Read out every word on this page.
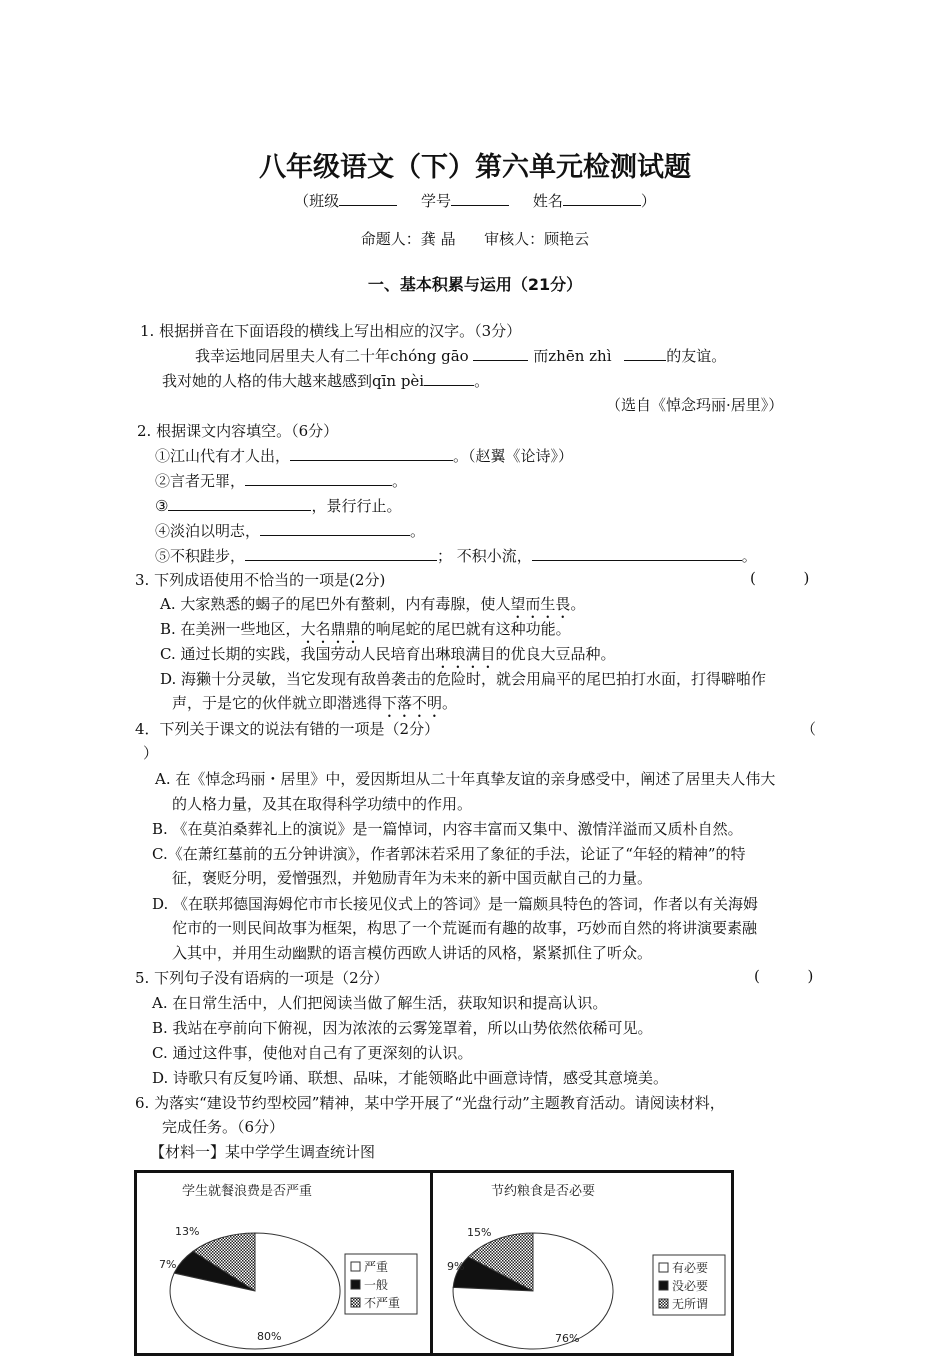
八年级语文（下）第六单元检测试题
（班级	学号	姓名	）
命题人：龚 晶      审核人：顾艳云
一、基本积累与运用（21分）
1. 根据拼音在下面语段的横线上写出相应的汉字。（3分）
我幸运地同居里夫人有二十年chóng gāo	而zhēn zhì	的友谊。
我对她的人格的伟大越来越感到qīn pèi	。
（选自《悼念玛丽·居里》）
2. 根据课文内容填空。（6分）
①江山代有才人出，	。（赵翼《论诗》）
②言者无罪，	。
③	，景行行止。
④淡泊以明志，	。
⑤不积跬步，	； 不积小流，	。
3. 下列成语使用不恰当的一项是(2分)	(          )
A. 大家熟悉的蝎子的尾巴外有螯刺，内有毒腺，使人望而生畏。
B. 在美洲一些地区，大名鼎鼎的响尾蛇的尾巴就有这种功能。
C. 通过长期的实践，我国劳动人民培育出琳琅满目的优良大豆品种。
D. 海獭十分灵敏，当它发现有敌兽袭击的危险时，就会用扁平的尾巴拍打水面，打得噼啪作
声，于是它的伙伴就立即潜逃得下落不明。
4．下列关于课文的说法有错的一项是（2分）	（
）
A. 在《悼念玛丽・居里》中，爱因斯坦从二十年真挚友谊的亲身感受中，阐述了居里夫人伟大
的人格力量，及其在取得科学功绩中的作用。
B. 《在莫泊桑葬礼上的演说》是一篇悼词，内容丰富而又集中、激情洋溢而又质朴自然。
C.《在萧红墓前的五分钟讲演》，作者郭沫若采用了象征的手法，论证了“年轻的精神”的特
征，褒贬分明，爱憎强烈，并勉励青年为未来的新中国贡献自己的力量。
D. 《在联邦德国海姆佗市市长接见仪式上的答词》是一篇颇具特色的答词，作者以有关海姆
佗市的一则民间故事为框架，构思了一个荒诞而有趣的故事，巧妙而自然的将讲演要素融
入其中，并用生动幽默的语言模仿西欧人讲话的风格，紧紧抓住了听众。
5. 下列句子没有语病的一项是（2分）	(          )
A. 在日常生活中，人们把阅读当做了解生活，获取知识和提高认识。
B. 我站在亭前向下俯视，因为浓浓的云雾笼罩着，所以山势依然依稀可见。
C. 通过这件事，使他对自己有了更深刻的认识。
D. 诗歌只有反复吟诵、联想、品味，才能领略此中画意诗情，感受其意境美。
6. 为落实“建设节约型校园”精神，某中学开展了“光盘行动”主题教育活动。请阅读材料，
完成任务。（6分）
【材料一】某中学学生调查统计图
学生就餐浪费是否严重
80%
7%
13%
严重
一般
不严重
节约粮食是否必要
76%
9%
15%
有必要
没必要
无所谓
